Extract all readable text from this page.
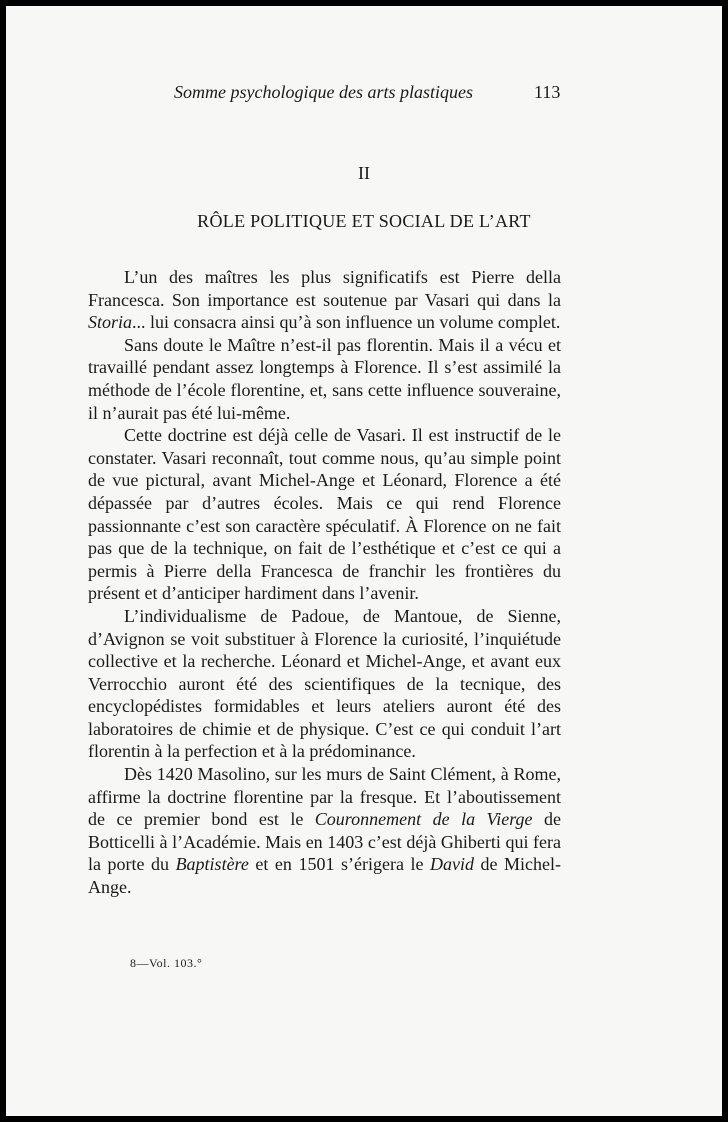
Somme psychologique des arts plastiques	113
II
RÔLE POLITIQUE ET SOCIAL DE L’ART

L’un des maîtres les plus significatifs est Pierre della Francesca. Son importance est soutenue par Vasari qui dans la Storia... lui consacra ainsi qu’à son influence un volume complet.

Sans doute le Maître n’est-il pas florentin. Mais il a vécu et travaillé pendant assez longtemps à Florence. Il s’est assimilé la méthode de l’école florentine, et, sans cette influence souveraine, il n’aurait pas été lui-même.

Cette doctrine est déjà celle de Vasari. Il est instructif de le constater. Vasari reconnaît, tout comme nous, qu’au simple point de vue pictural, avant Michel-Ange et Léonard, Florence a été dépassée par d’autres écoles. Mais ce qui rend Florence passionnante c’est son caractère spéculatif. À Florence on ne fait pas que de la technique, on fait de l’esthétique et c’est ce qui a permis à Pierre della Francesca de franchir les frontières du présent et d’anticiper hardiment dans l’avenir.

L’individualisme de Padoue, de Mantoue, de Sienne, d’Avignon se voit substituer à Florence la curiosité, l’inquiétude collective et la recherche. Léonard et Michel-Ange, et avant eux Verrocchio auront été des scientifiques de la tecnique, des encyclopédistes formidables et leurs ateliers auront été des laboratoires de chimie et de physique. C’est ce qui conduit l’art florentin à la perfection et à la prédominance.

Dès 1420 Masolino, sur les murs de Saint Clément, à Rome, affirme la doctrine florentine par la fresque. Et l’aboutissement de ce premier bond est le Couronnement de la Vierge de Botticelli à l’Académie. Mais en 1403 c’est déjà Ghiberti qui fera la porte du Baptistère et en 1501 s’érigera le David de Michel-Ange.

8—Vol. 103.°
